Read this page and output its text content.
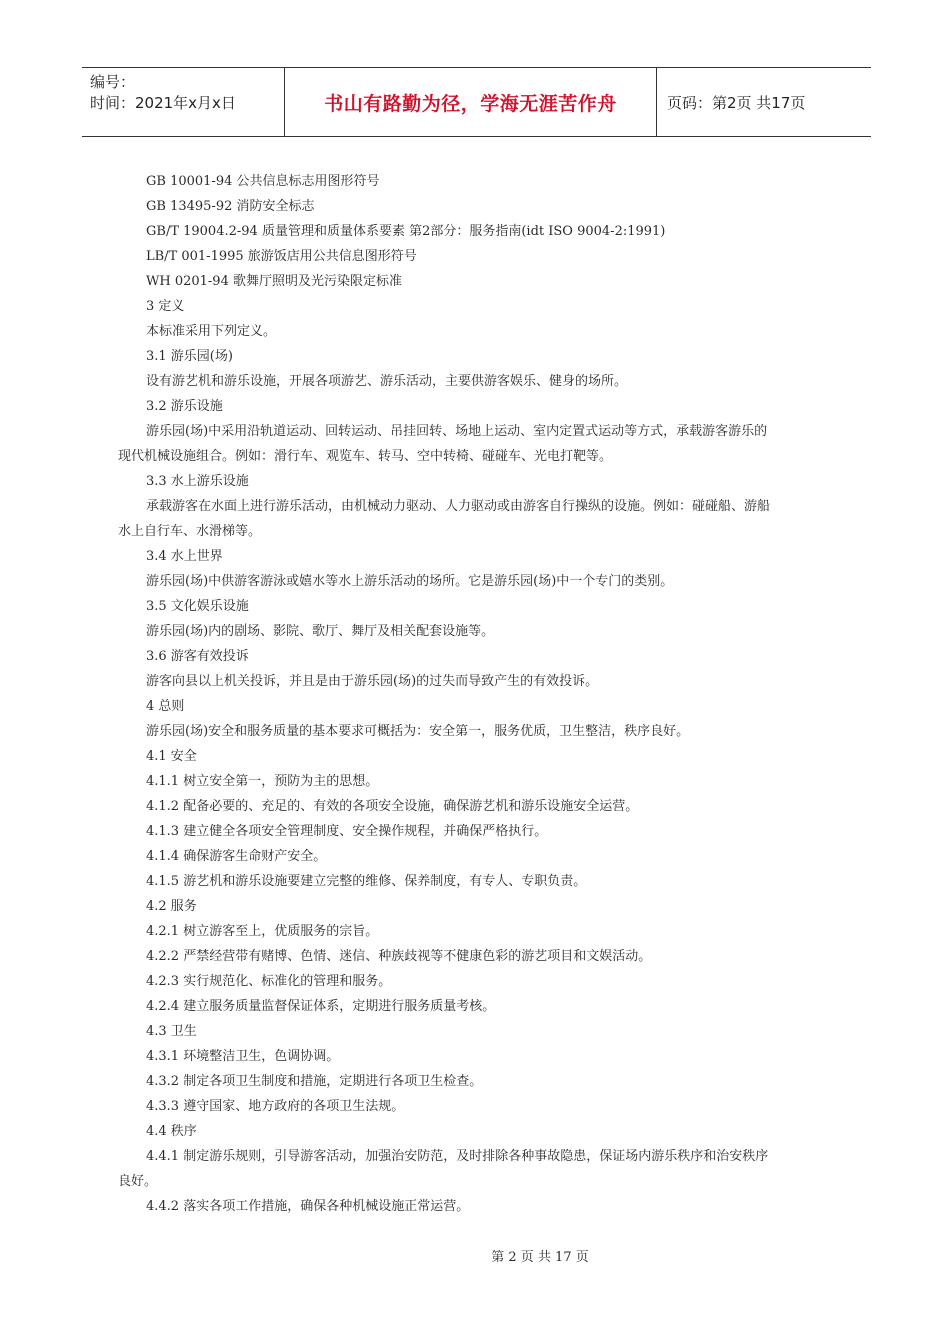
编号：
时间：2021年x月x日	书山有路勤为径，学海无涯苦作舟	页码：第2页 共17页
GB 10001-94 公共信息标志用图形符号
GB 13495-92 消防安全标志
GB/T 19004.2-94 质量管理和质量体系要素 第2部分：服务指南(idt ISO 9004-2:1991)
LB/T 001-1995 旅游饭店用公共信息图形符号
WH 0201-94 歌舞厅照明及光污染限定标准
3 定义
本标准采用下列定义。
3.1 游乐园(场)
设有游艺机和游乐设施，开展各项游艺、游乐活动，主要供游客娱乐、健身的场所。
3.2 游乐设施
游乐园(场)中采用沿轨道运动、回转运动、吊挂回转、场地上运动、室内定置式运动等方式，承载游客游乐的
现代机械设施组合。例如：滑行车、观览车、转马、空中转椅、碰碰车、光电打靶等。
3.3 水上游乐设施
承载游客在水面上进行游乐活动，由机械动力驱动、人力驱动或由游客自行操纵的设施。例如：碰碰船、游船
水上自行车、水滑梯等。
3.4 水上世界
游乐园(场)中供游客游泳或嬉水等水上游乐活动的场所。它是游乐园(场)中一个专门的类别。
3.5 文化娱乐设施
游乐园(场)内的剧场、影院、歌厅、舞厅及相关配套设施等。
3.6 游客有效投诉
游客向县以上机关投诉，并且是由于游乐园(场)的过失而导致产生的有效投诉。
4 总则
游乐园(场)安全和服务质量的基本要求可概括为：安全第一，服务优质，卫生整洁，秩序良好。
4.1 安全
4.1.1 树立安全第一，预防为主的思想。
4.1.2 配备必要的、充足的、有效的各项安全设施，确保游艺机和游乐设施安全运营。
4.1.3 建立健全各项安全管理制度、安全操作规程，并确保严格执行。
4.1.4 确保游客生命财产安全。
4.1.5 游艺机和游乐设施要建立完整的维修、保养制度，有专人、专职负责。
4.2 服务
4.2.1 树立游客至上，优质服务的宗旨。
4.2.2 严禁经营带有赌博、色情、迷信、种族歧视等不健康色彩的游艺项目和文娱活动。
4.2.3 实行规范化、标准化的管理和服务。
4.2.4 建立服务质量监督保证体系，定期进行服务质量考核。
4.3 卫生
4.3.1 环境整洁卫生，色调协调。
4.3.2 制定各项卫生制度和措施，定期进行各项卫生检查。
4.3.3 遵守国家、地方政府的各项卫生法规。
4.4 秩序
4.4.1 制定游乐规则，引导游客活动，加强治安防范，及时排除各种事故隐患，保证场内游乐秩序和治安秩序
良好。
4.4.2 落实各项工作措施，确保各种机械设施正常运营。
第 2 页 共 17 页
